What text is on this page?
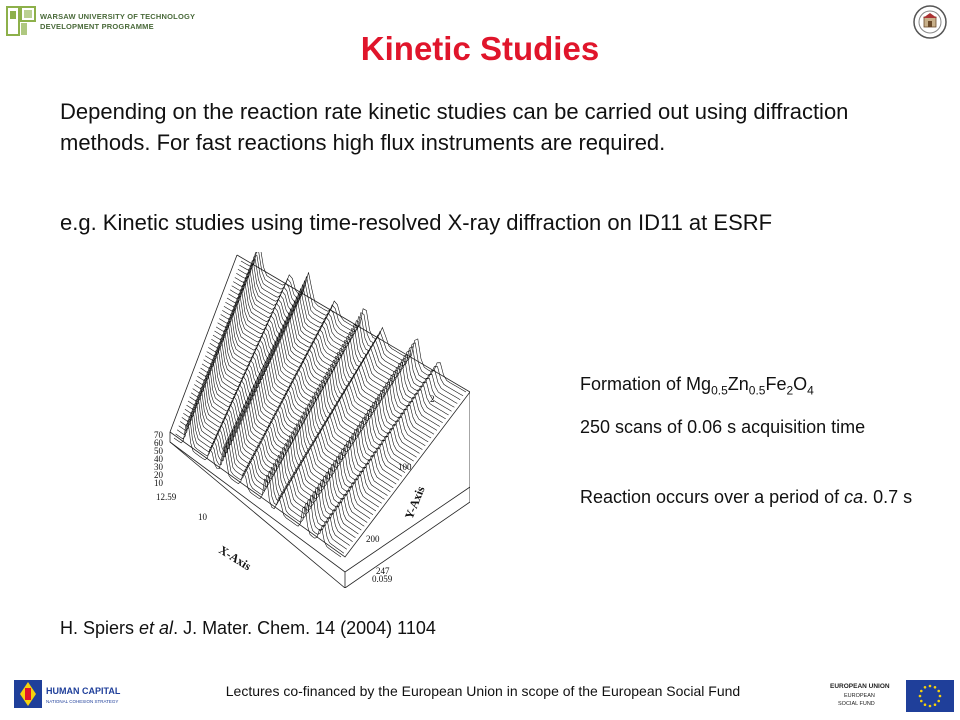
WARSAW UNIVERSITY OF TECHNOLOGY
DEVELOPMENT PROGRAMME
Kinetic Studies
Depending on the reaction rate kinetic studies can be carried out using diffraction methods. For fast reactions high flux instruments are required.
e.g. Kinetic studies using time-resolved X-ray diffraction on ID11 at ESRF
70
60
50
40
30
20
10
12.59
10
2
100
200
247
0.059
X-Axis
Y-Axis
Formation of $Mg_{0.5}Zn_{0.5}Fe_2O_4$
250 scans of 0.06 s acquisition time
Reaction occurs over a period of ca. 0.7 s
H. Spiers et al. J. Mater. Chem. 14 (2004) 1104
HUMAN CAPITAL
NATIONAL COHESION STRATEGY
Lectures co-financed by the European Union in scope of the European Social Fund	EUROPEAN UNION
EUROPEAN
SOCIAL FUND
